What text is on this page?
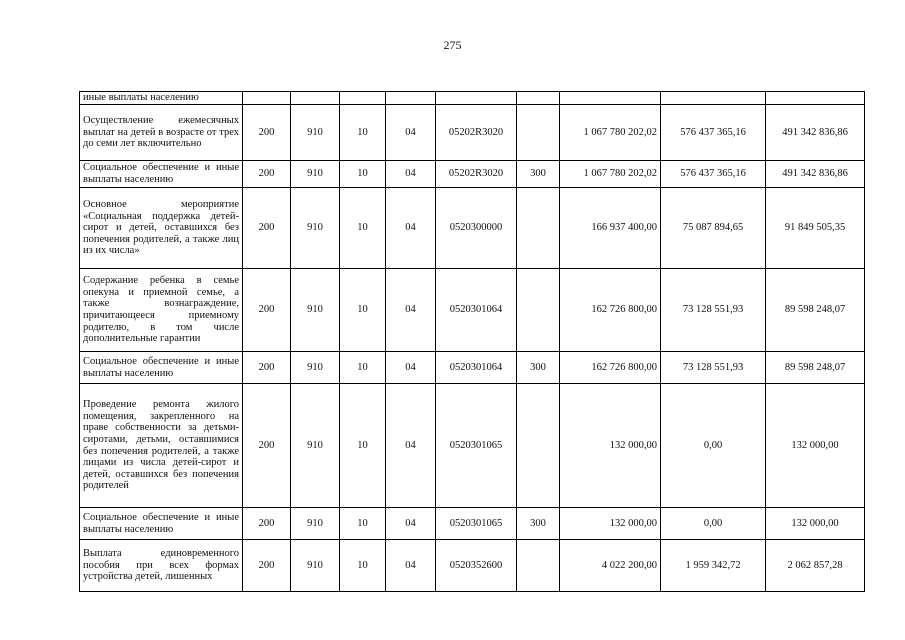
275
иные выплаты населению									
Осуществление ежемесячных выплат на детей в возрасте от трех до семи лет включительно	200	910	10	04	05202R3020		1 067 780 202,02	576 437 365,16	491 342 836,86
Социальное обеспечение и иные выплаты населению	200	910	10	04	05202R3020	300	1 067 780 202,02	576 437 365,16	491 342 836,86
Основное мероприятие «Социальная поддержка детей-сирот и детей, оставшихся без попечения родителей, а также лиц из их числа»	200	910	10	04	0520300000		166 937 400,00	75 087 894,65	91 849 505,35
Содержание ребенка в семье опекуна и приемной семье, а также вознаграждение, причитающееся приемному родителю, в том числе дополнительные гарантии	200	910	10	04	0520301064		162 726 800,00	73 128 551,93	89 598 248,07
Социальное обеспечение и иные выплаты населению	200	910	10	04	0520301064	300	162 726 800,00	73 128 551,93	89 598 248,07
Проведение ремонта жилого помещения, закрепленного на праве собственности за детьми-сиротами, детьми, оставшимися без попечения родителей, а также лицами из числа детей-сирот и детей, оставшихся без попечения родителей	200	910	10	04	0520301065		132 000,00	0,00	132 000,00
Социальное обеспечение и иные выплаты населению	200	910	10	04	0520301065	300	132 000,00	0,00	132 000,00
Выплата единовременного пособия при всех формах устройства детей, лишенных	200	910	10	04	0520352600		4 022 200,00	1 959 342,72	2 062 857,28
